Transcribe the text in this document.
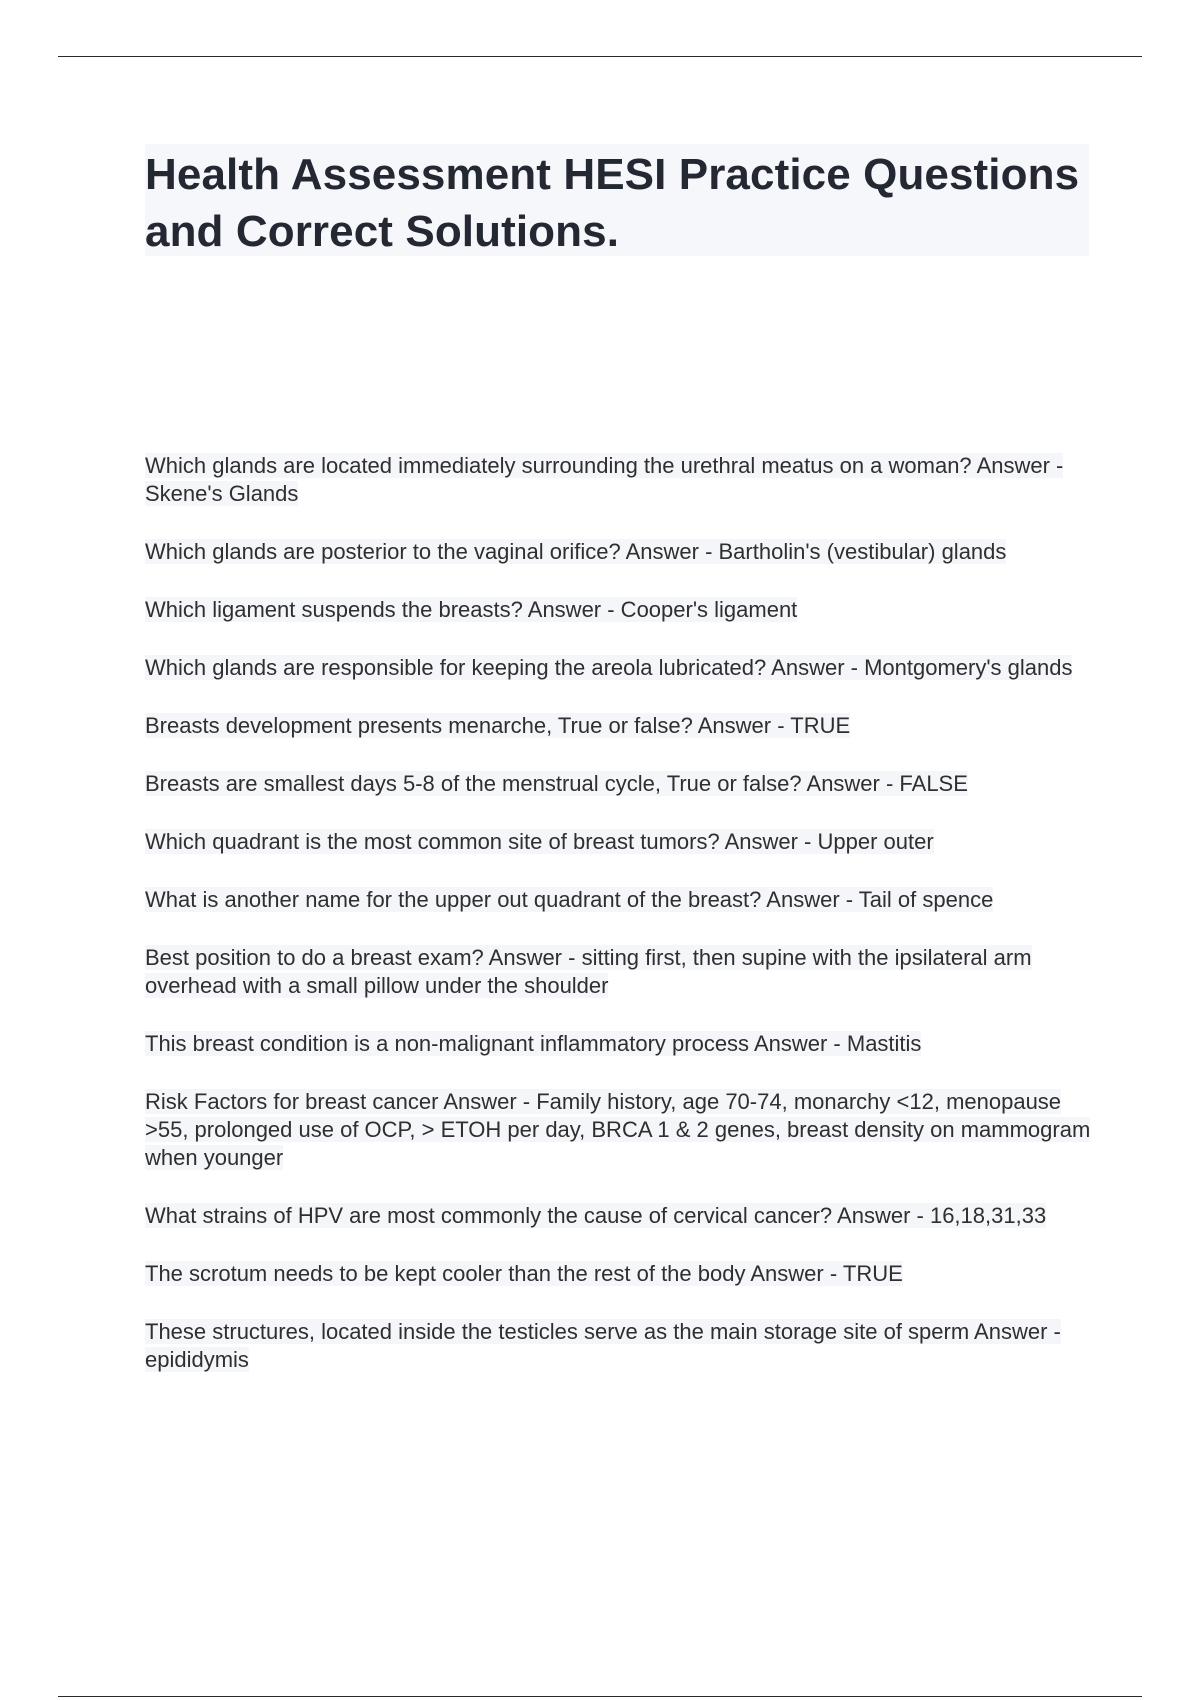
Health Assessment HESI Practice Questions and Correct Solutions.

Which glands are located immediately surrounding the urethral meatus on a woman? Answer - Skene's Glands

Which glands are posterior to the vaginal orifice? Answer - Bartholin's (vestibular) glands

Which ligament suspends the breasts? Answer - Cooper's ligament

Which glands are responsible for keeping the areola lubricated? Answer - Montgomery's glands

Breasts development presents menarche, True or false? Answer - TRUE

Breasts are smallest days 5-8 of the menstrual cycle, True or false? Answer - FALSE

Which quadrant is the most common site of breast tumors? Answer - Upper outer

What is another name for the upper out quadrant of the breast? Answer - Tail of spence

Best position to do a breast exam? Answer - sitting first, then supine with the ipsilateral arm overhead with a small pillow under the shoulder

This breast condition is a non-malignant inflammatory process Answer - Mastitis

Risk Factors for breast cancer Answer - Family history, age 70-74, monarchy <12, menopause >55, prolonged use of OCP, > ETOH per day, BRCA 1 & 2 genes, breast density on mammogram when younger

What strains of HPV are most commonly the cause of cervical cancer? Answer - 16,18,31,33

The scrotum needs to be kept cooler than the rest of the body Answer - TRUE

These structures, located inside the testicles serve as the main storage site of sperm Answer - epididymis
